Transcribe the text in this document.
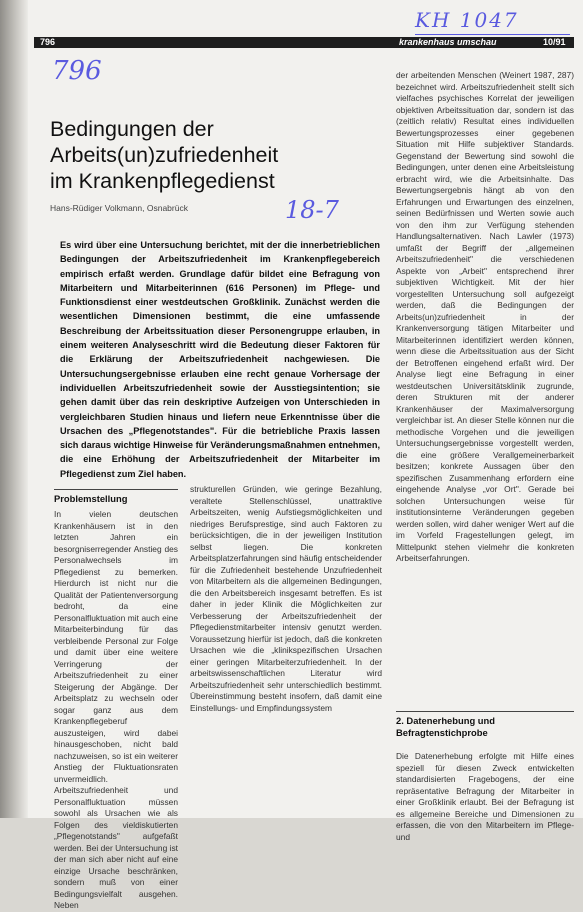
KH 1047
796
796	krankenhaus umschau	10/91
Bedingungen der
Arbeits(un)zufriedenheit
im Krankenpflegedienst
Hans-Rüdiger Volkmann, Osnabrück	18-7
Es wird über eine Untersuchung berichtet, mit der die innerbetrieblichen Bedingungen der Arbeitszufriedenheit im Krankenpflegebereich empirisch erfaßt werden. Grundlage dafür bildet eine Befragung von Mitarbeitern und Mitarbeiterinnen (616 Personen) im Pflege- und Funktionsdienst einer westdeutschen Großklinik. Zunächst werden die wesentlichen Dimensionen bestimmt, die eine umfassende Beschreibung der Arbeitssituation dieser Personengruppe erlauben, in einem weiteren Analyseschritt wird die Bedeutung dieser Faktoren für die Erklärung der Arbeitszufriedenheit nachgewiesen. Die Untersuchungsergebnisse erlauben eine recht genaue Vorhersage der individuellen Arbeitszufriedenheit sowie der Ausstiegsintention; sie gehen damit über das rein deskriptive Aufzeigen von Unterschieden in vergleichbaren Studien hinaus und liefern neue Erkenntnisse über die Ursachen des „Pflegenotstandes". Für die betriebliche Praxis lassen sich daraus wichtige Hinweise für Veränderungsmaßnahmen entnehmen, die eine Erhöhung der Arbeitszufriedenheit der Mitarbeiter im Pflegedienst zum Ziel haben.
Problemstellung
In vielen deutschen Krankenhäusern ist in den letzten Jahren ein besorgniserregender Anstieg des Personalwechsels im Pflegedienst zu bemerken. Hierdurch ist nicht nur die Qualität der Patientenversorgung bedroht, da eine Personalfluktuation mit auch eine Mitarbeiterbindung für das verbleibende Personal zur Folge und damit über eine weitere Verringerung der Arbeitszufriedenheit zu einer Steigerung der Abgänge. Der Arbeitsplatz zu wechseln oder sogar ganz aus dem Krankenpflegeberuf auszusteigen, wird dabei hinausgeschoben, nicht bald nachzuweisen, so ist ein weiterer Anstieg der Fluktuationsraten unvermeidlich. Arbeitszufriedenheit und Personalfluktuation müssen sowohl als Ursachen wie als Folgen des vieldiskutierten „Pflegenotstands" aufgefaßt werden. Bei der Untersuchung ist der man sich aber nicht auf eine einzige Ursache beschränken, sondern muß von einer Bedingungsvielfalt ausgehen. Neben
strukturellen Gründen, wie geringe Bezahlung, veraltete Stellenschlüssel, unattraktive Arbeitszeiten, wenig Aufstiegsmöglichkeiten und niedriges Berufsprestige, sind auch Faktoren zu berücksichtigen, die in der jeweiligen Institution selbst liegen. Die konkreten Arbeitsplatzerfahrungen sind häufig entscheidender für die Zufriedenheit bestehende Unzufriedenheit von Mitarbeitern als die allgemeinen Bedingungen, die den Arbeitsbereich insgesamt betreffen. Es ist daher in jeder Klinik die Möglichkeiten zur Verbesserung der Arbeitszufriedenheit der Pflegedienstmitarbeiter intensiv genutzt werden. Voraussetzung hierfür ist jedoch, daß die konkreten Ursachen wie die „klinikspezifischen Ursachen einer geringen Mitarbeiterzufriedenheit. In der arbeitswissenschaftlichen Literatur wird Arbeitszufriedenheit sehr unterschiedlich bestimmt. Übereinstimmung besteht insofern, daß damit eine Einstellungs- und Empfindungssystem
der arbeitenden Menschen (Weinert 1987, 287) bezeichnet wird. Arbeitszufriedenheit stellt sich vielfaches psychisches Korrelat der jeweiligen objektiven Arbeitssituation dar, sondern ist das (zeitlich relativ) Resultat eines individuellen Bewertungsprozesses einer gegebenen Situation mit Hilfe subjektiver Standards. Gegenstand der Bewertung sind sowohl die Bedingungen, unter denen eine Arbeitsleistung erbracht wird, wie die Arbeitsinhalte. Das Bewertungsergebnis hängt ab von den Erfahrungen und Erwartungen des einzelnen, seinen Bedürfnissen und Werten sowie auch von den ihm zur Verfügung stehenden Handlungsalternativen. Nach Lawler (1973) umfaßt der Begriff der „allgemeinen Arbeitszufriedenheit" die verschiedenen Aspekte von „Arbeit" entsprechend ihrer subjektiven Wichtigkeit. Mit der hier vorgestellten Untersuchung soll aufgezeigt werden, daß die Bedingungen der Arbeits(un)zufriedenheit in der Krankenversorgung tätigen Mitarbeiter und Mitarbeiterinnen identifiziert werden können, wenn diese die Arbeitssituation aus der Sicht der Betroffenen eingehend erfaßt wird. Der Analyse liegt eine Befragung in einer westdeutschen Universitätsklinik zugrunde, deren Strukturen mit der anderer Krankenhäuser der Maximalversorgung vergleichbar ist. An dieser Stelle können nur die methodische Vorgehen und die jeweiligen Untersuchungsergebnisse vorgestellt werden, die eine größere Verallgemeinerbarkeit besitzen; konkrete Aussagen über den spezifischen Zusammenhang erfordern eine eingehende Analyse „vor Ort". Gerade bei solchen Untersuchungen weise für institutionsinterne Veränderungen gegeben werden sollen, wird daher weniger Wert auf die im Vorfeld Fragestellungen gelegt, im Mittelpunkt stehen vielmehr die konkreten Arbeitserfahrungen.
2. Datenerhebung und Befragtenstichprobe
Die Datenerhebung erfolgte mit Hilfe eines speziell für diesen Zweck entwickelten standardisierten Fragebogens, der eine repräsentative Befragung der Mitarbeiter in einer Großklinik erlaubt. Bei der Befragung ist es allgemeine Bereiche und Dimensionen zu erfassen, die von den Mitarbeitern im Pflege- und
